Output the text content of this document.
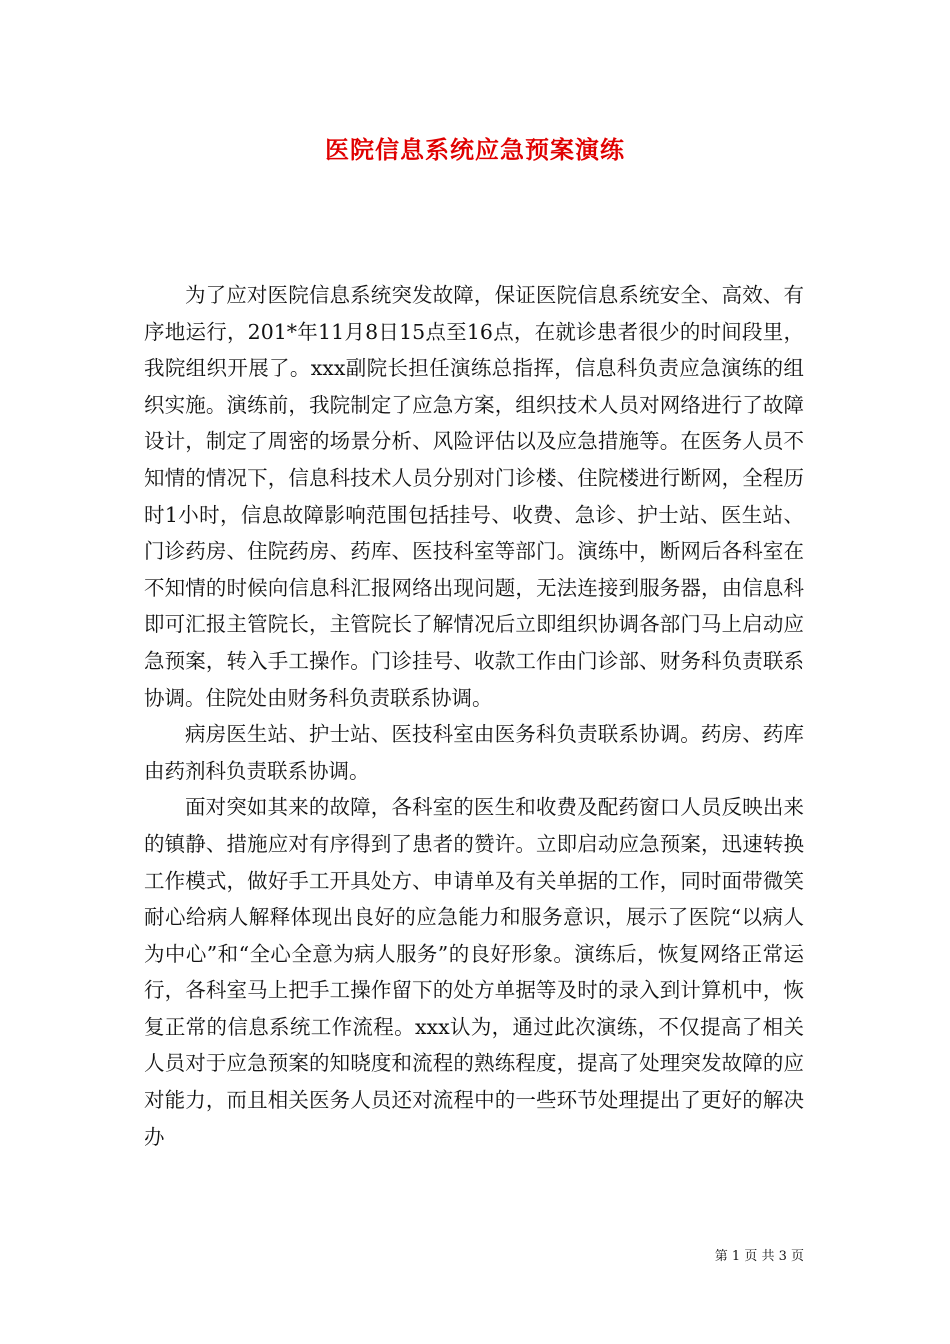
医院信息系统应急预案演练

为了应对医院信息系统突发故障，保证医院信息系统安全、高效、有序地运行，201*年11月8日15点至16点，在就诊患者很少的时间段里，我院组织开展了。xxx副院长担任演练总指挥，信息科负责应急演练的组织实施。演练前，我院制定了应急方案，组织技术人员对网络进行了故障设计，制定了周密的场景分析、风险评估以及应急措施等。在医务人员不知情的情况下，信息科技术人员分别对门诊楼、住院楼进行断网，全程历时1小时，信息故障影响范围包括挂号、收费、急诊、护士站、医生站、门诊药房、住院药房、药库、医技科室等部门。演练中，断网后各科室在不知情的时候向信息科汇报网络出现问题，无法连接到服务器，由信息科即可汇报主管院长，主管院长了解情况后立即组织协调各部门马上启动应急预案，转入手工操作。门诊挂号、收款工作由门诊部、财务科负责联系协调。住院处由财务科负责联系协调。

病房医生站、护士站、医技科室由医务科负责联系协调。药房、药库由药剂科负责联系协调。

面对突如其来的故障，各科室的医生和收费及配药窗口人员反映出来的镇静、措施应对有序得到了患者的赞许。立即启动应急预案，迅速转换工作模式，做好手工开具处方、申请单及有关单据的工作，同时面带微笑耐心给病人解释体现出良好的应急能力和服务意识，展示了医院“以病人为中心”和“全心全意为病人服务”的良好形象。演练后，恢复网络正常运行，各科室马上把手工操作留下的处方单据等及时的录入到计算机中，恢复正常的信息系统工作流程。xxx认为，通过此次演练，不仅提高了相关人员对于应急预案的知晓度和流程的熟练程度，提高了处理突发故障的应对能力，而且相关医务人员还对流程中的一些环节处理提出了更好的解决办

第 1 页 共 3 页
